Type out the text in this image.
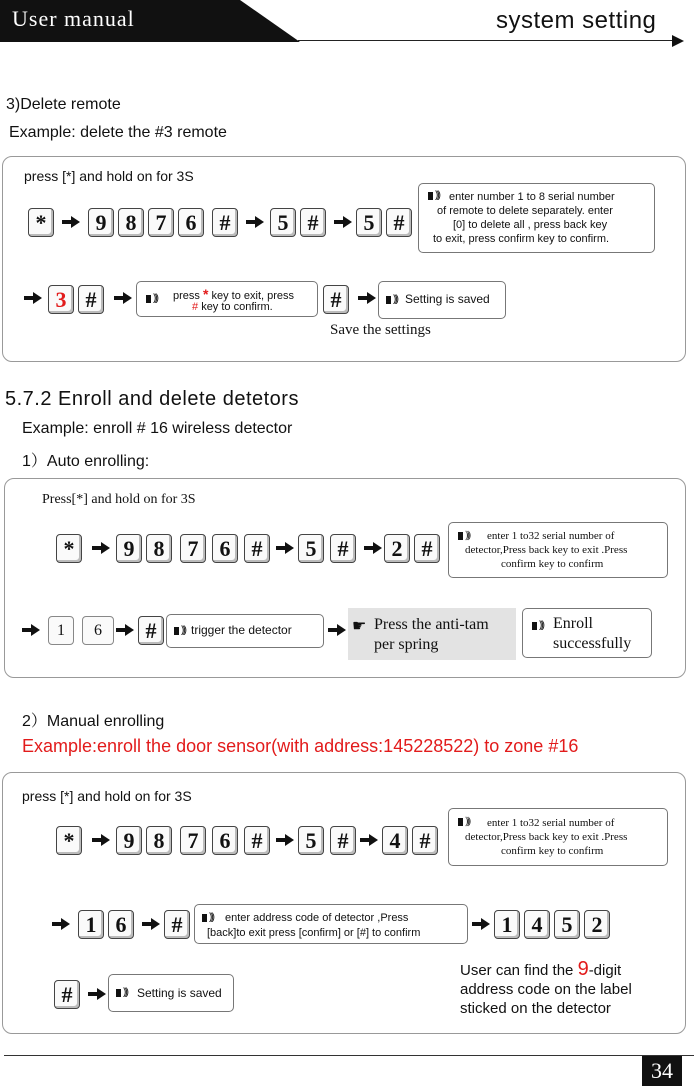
User manual	system setting
3)Delete remote
Example: delete the #3 remote
press [*] and hold on for 3S
*	9 8 7 6	#	5 #	5 #
)))
enter number 1 to 8 serial number
of remote to delete separately. enter
[0] to delete all , press back key
to exit, press confirm key to confirm.
3 # )))	press * key to exit, press
# key to confirm.	# )))	Setting is saved
Save the settings
5.7.2 Enroll and delete detetors
Example: enroll # 16 wireless detector
1）Auto enrolling:
Press[*] and hold on for 3S
*	9 8	7 6 #	5 #	2 # )))	enter 1 to32 serial number of
detector,Press back key to exit .Press
confirm key to confirm
1	6	# )))	trigger the detector	☛ Press the anti-tam
per spring
)))
Enroll
successfully
2）Manual enrolling
Example:enroll the door sensor(with address:145228522) to zone #16
press [*] and hold on for 3S
*	9 8	7 6 #	5 #	4 #
)))
enter 1 to32 serial number of
detector,Press back key to exit .Press
confirm key to confirm
1 6	# )))	enter address code of detector ,Press
[back]to exit press [confirm] or [#] to confirm	1 4 5 2
# )))	Setting is saved
User can find the 9-digit
address code on the label
sticked on the detector
34
